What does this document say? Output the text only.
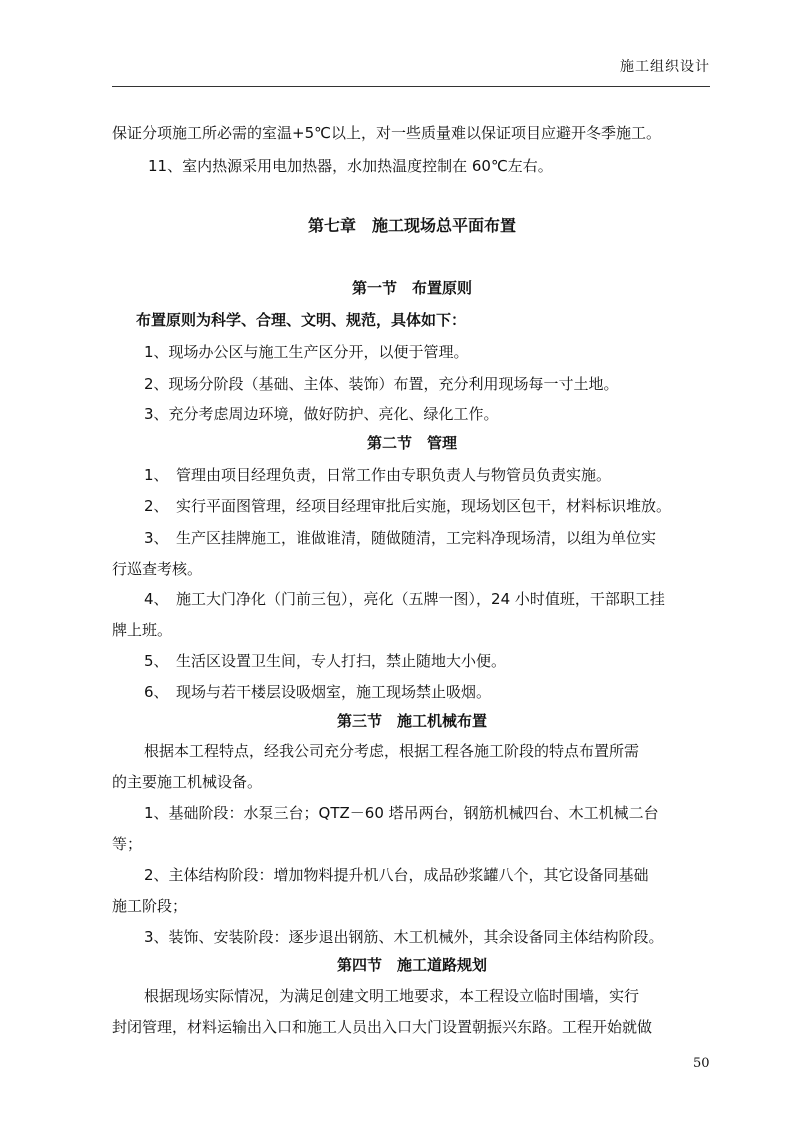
施工组织设计
保证分项施工所必需的室温+5℃以上，对一些质量难以保证项目应避开冬季施工。
11、室内热源采用电加热器，水加热温度控制在 60℃左右。
第七章　施工现场总平面布置
第一节　布置原则
布置原则为科学、合理、文明、规范，具体如下：
1、现场办公区与施工生产区分开，以便于管理。
2、现场分阶段（基础、主体、装饰）布置，充分利用现场每一寸土地。
3、充分考虑周边环境，做好防护、亮化、绿化工作。
第二节　管理
1、　管理由项目经理负责，日常工作由专职负责人与物管员负责实施。
2、　实行平面图管理，经项目经理审批后实施，现场划区包干，材料标识堆放。
3、　生产区挂牌施工，谁做谁清，随做随清，工完料净现场清，以组为单位实
行巡查考核。
4、　施工大门净化（门前三包），亮化（五牌一图），24 小时值班，干部职工挂
牌上班。
5、　生活区设置卫生间，专人打扫，禁止随地大小便。
6、　现场与若干楼层设吸烟室，施工现场禁止吸烟。
第三节　施工机械布置
根据本工程特点，经我公司充分考虑，根据工程各施工阶段的特点布置所需
的主要施工机械设备。
1、基础阶段：水泵三台；QTZ－60 塔吊两台，钢筋机械四台、木工机械二台
等；
2、主体结构阶段：增加物料提升机八台，成品砂浆罐八个，其它设备同基础
施工阶段；
3、装饰、安装阶段：逐步退出钢筋、木工机械外，其余设备同主体结构阶段。
第四节　施工道路规划
根据现场实际情况，为满足创建文明工地要求，本工程设立临时围墙，实行
封闭管理，材料运输出入口和施工人员出入口大门设置朝振兴东路。工程开始就做
50
